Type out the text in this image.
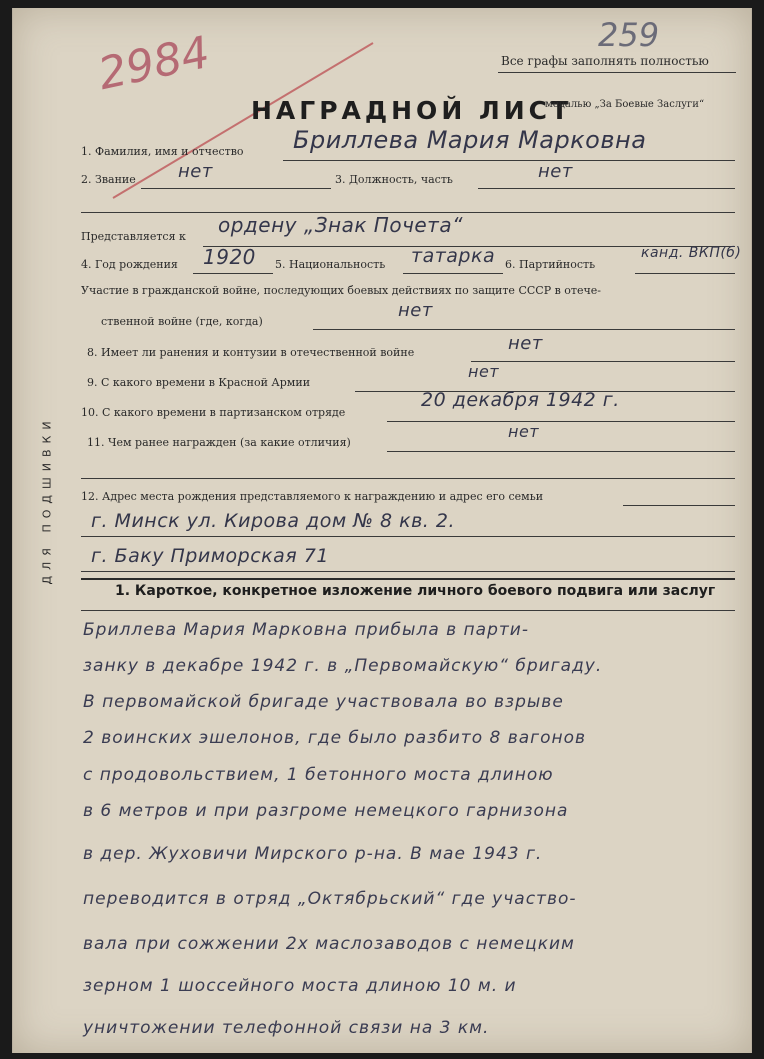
Все графы заполнять полностью
259
2984
НАГРАДНОЙ ЛИСТ
медалью „За Боевые Заслуги“
1. Фамилия, имя и отчество Бриллева Мария Марковна
2. Звание нет	3. Должность, часть	нет
Представляется к ордену „Знак Почета“
4. Год рождения 1920 5. Национальность татарка 6. Партийность
канд. ВКП(б)
Участие в гражданской войне, последующих боевых действиях по защите СССР в отече-
ственной войне (где, когда)
нет
8. Имеет ли ранения и контузии в отечественной войне	нет
9. С какого времени в Красной Армии
нет
10. С какого времени в партизанском отряде
20 декабря 1942 г.
11. Чем ранее награжден (за какие отличия)
нет
12. Адрес места рождения представляемого к награждению и адрес его семьи
г. Минск ул. Кирова дом № 8 кв. 2.
г. Баку Приморская 71
1. Кароткое, конкретное изложение личного боевого подвига или заслуг
Бриллева Мария Марковна прибыла в парти-
занку в декабре 1942 г. в „Первомайскую“ бригаду.
В первомайской бригаде участвовала во взрыве
2 воинских эшелонов, где было разбито 8 вагонов
с продовольствием, 1 бетонного моста длиною
в 6 метров и при разгроме немецкого гарнизона
в дер. Жуховичи Мирского р-на. В мае 1943 г.
переводится в отряд „Октябрьский“ где участво-
вала при сожжении 2х маслозаводов с немецким
зерном 1 шоссейного моста длиною 10 м. и
уничтожении телефонной связи на 3 км.
ДЛЯ ПОДШИВКИ
